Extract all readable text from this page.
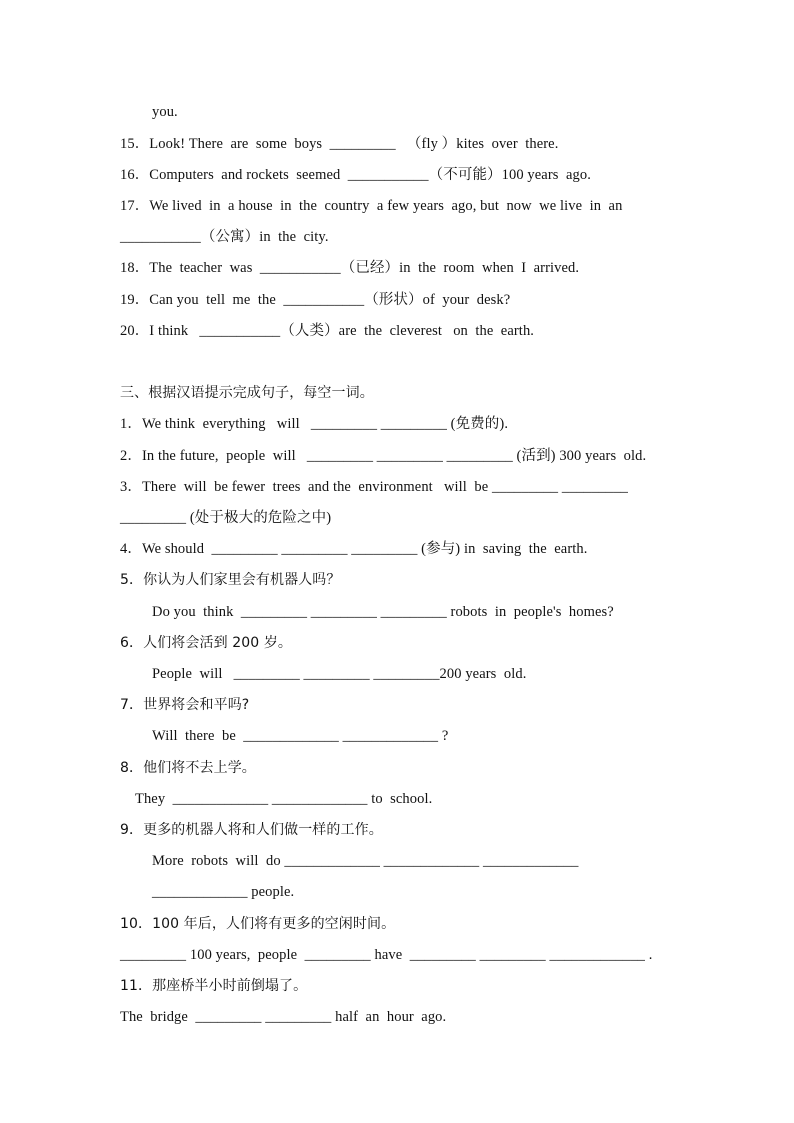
you.
15．Look! There  are  some  boys  _________   （fly ）kites  over  there.
16．Computers  and rockets  seemed  ___________（不可能）100 years  ago.
17．We lived  in  a house  in  the  country  a few years  ago, but  now  we live  in  an
___________（公寓）in  the  city.
18．The  teacher  was  ___________（已经）in  the  room  when  I  arrived.
19．Can you  tell  me  the  ___________（形状）of  your  desk?
20．I think   ___________（人类）are  the  cleverest   on  the  earth.
三、根据汉语提示完成句子，每空一词。
1．We think  everything   will   _________ _________ (免费的).
2．In the future,  people  will   _________ _________ _________ (活到) 300 years  old.
3．There  will  be fewer  trees  and the  environment   will  be _________ _________
_________ (处于极大的危险之中)
4．We should  _________ _________ _________ (参与) in  saving  the  earth.
5．你认为人们家里会有机器人吗？
Do you  think  _________ _________ _________ robots  in  people's  homes?
6．人们将会活到 200 岁。
People  will   _________ _________ _________200 years  old.
7．世界将会和平吗?
Will  there  be  _____________ _____________ ?
8．他们将不去上学。
They  _____________ _____________ to  school.
9．更多的机器人将和人们做一样的工作。
More  robots  will  do _____________ _____________ _____________
_____________ people.
10．100 年后，人们将有更多的空闲时间。
_________ 100 years,  people  _________ have  _________ _________ _____________ .
11．那座桥半小时前倒塌了。
The  bridge  _________ _________ half  an  hour  ago.
